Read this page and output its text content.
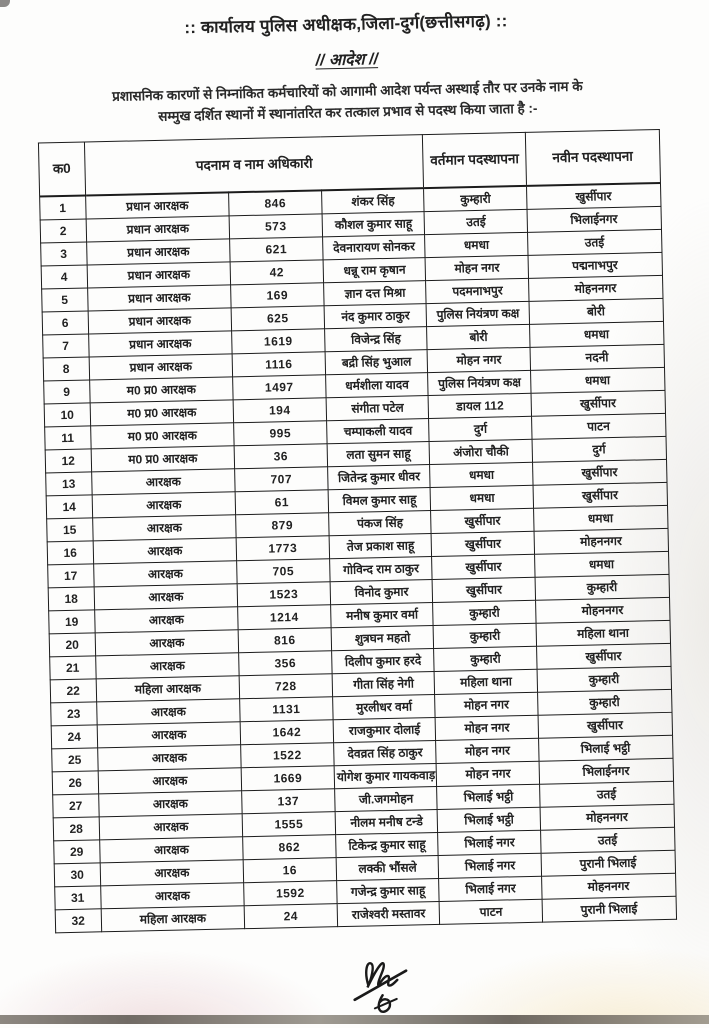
:: कार्यालय पुलिस अधीक्षक,जिला-दुर्ग(छत्तीसगढ़) ::
// आदेश //
प्रशासनिक कारणों से निम्नांकित कर्मचारियों को आगामी आदेश पर्यन्त अस्थाई तौर पर उनके नाम के
सम्मुख दर्शित स्थानों में स्थानांतरित कर तत्काल प्रभाव से पदस्थ किया जाता है :-
क0	पदनाम व नाम अधिकारी			वर्तमान पदस्थापना	नवीन पदस्थापना
1	प्रधान आरक्षक	846	शंकर सिंह	कुम्हारी	खुर्सीपार
2	प्रधान आरक्षक	573	कौशल कुमार साहू	उतई	भिलाईनगर
3	प्रधान आरक्षक	621	देवनारायण सोनकर	धमधा	उतई
4	प्रधान आरक्षक	42	धन्नू राम कृषान	मोहन नगर	पद्मनाभपुर
5	प्रधान आरक्षक	169	ज्ञान दत्त मिश्रा	पदमनाभपुर	मोहननगर
6	प्रधान आरक्षक	625	नंद कुमार ठाकुर	पुलिस नियंत्रण कक्ष	बोरी
7	प्रधान आरक्षक	1619	विजेन्द्र सिंह	बोरी	धमधा
8	प्रधान आरक्षक	1116	बद्री सिंह भुआल	मोहन नगर	नदनी
9	म0 प्र0 आरक्षक	1497	धर्मशीला यादव	पुलिस नियंत्रण कक्ष	धमधा
10	म0 प्र0 आरक्षक	194	संगीता पटेल	डायल 112	खुर्सीपार
11	म0 प्र0 आरक्षक	995	चम्पाकली यादव	दुर्ग	पाटन
12	म0 प्र0 आरक्षक	36	लता सुमन साहू	अंजोरा चौकी	दुर्ग
13	आरक्षक	707	जितेन्द्र कुमार धीवर	धमधा	खुर्सीपार
14	आरक्षक	61	विमल कुमार साहू	धमधा	खुर्सीपार
15	आरक्षक	879	पंकज सिंह	खुर्सीपार	धमधा
16	आरक्षक	1773	तेज प्रकाश साहू	खुर्सीपार	मोहननगर
17	आरक्षक	705	गोविन्द राम ठाकुर	खुर्सीपार	धमधा
18	आरक्षक	1523	विनोद कुमार	खुर्सीपार	कुम्हारी
19	आरक्षक	1214	मनीष कुमार वर्मा	कुम्हारी	मोहननगर
20	आरक्षक	816	शुत्रघन महतो	कुम्हारी	महिला थाना
21	आरक्षक	356	दिलीप कुमार हरदे	कुम्हारी	खुर्सीपार
22	महिला आरक्षक	728	गीता सिंह नेगी	महिला थाना	कुम्हारी
23	आरक्षक	1131	मुरलीधर वर्मा	मोहन नगर	कुम्हारी
24	आरक्षक	1642	राजकुमार दोलाई	मोहन नगर	खुर्सीपार
25	आरक्षक	1522	देवव्रत सिंह ठाकुर	मोहन नगर	भिलाई भट्ठी
26	आरक्षक	1669	योगेश कुमार गायकवाड़	मोहन नगर	भिलाईनगर
27	आरक्षक	137	जी.जगमोहन	भिलाई भट्ठी	उतई
28	आरक्षक	1555	नीलम मनीष टन्डे	भिलाई भट्ठी	मोहननगर
29	आरक्षक	862	टिकेन्द्र कुमार साहू	भिलाई नगर	उतई
30	आरक्षक	16	लक्की भौंसले	भिलाई नगर	पुरानी भिलाई
31	आरक्षक	1592	गजेन्द्र कुमार साहू	भिलाई नगर	मोहननगर
32	महिला आरक्षक	24	राजेश्वरी मस्तावर	पाटन	पुरानी भिलाई
